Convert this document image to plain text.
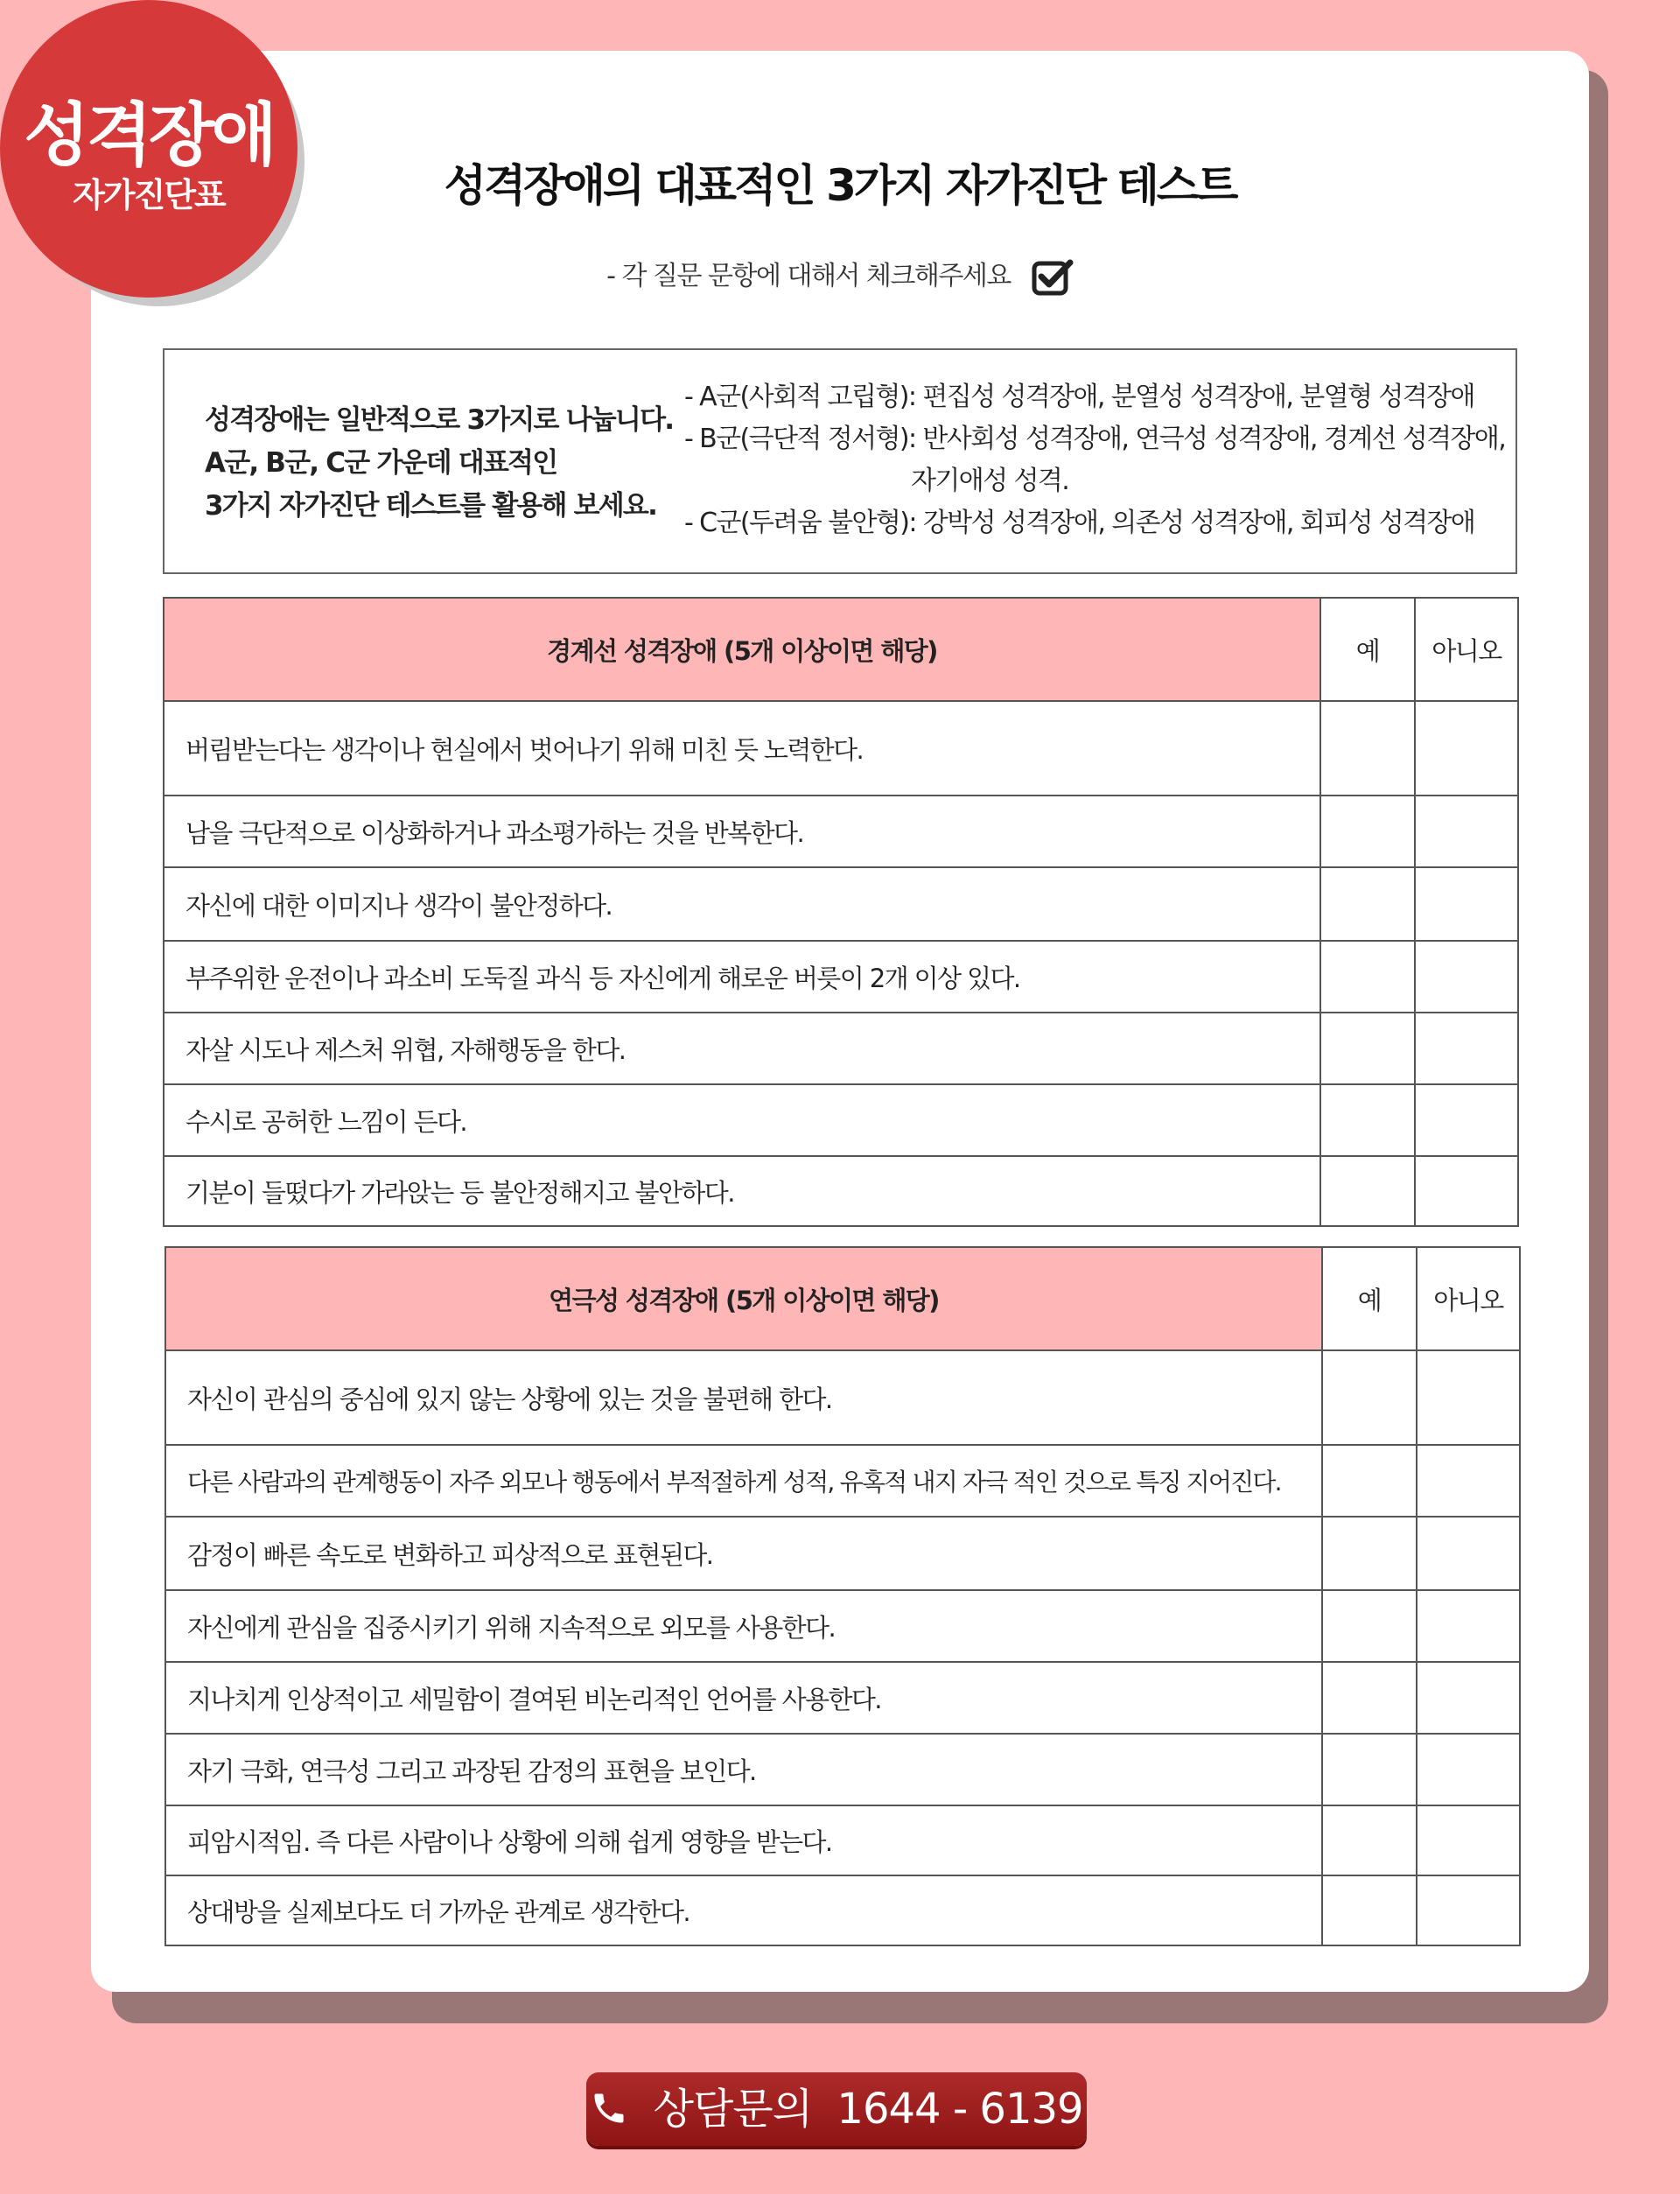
성격장애
자가진단표	성격장애의 대표적인 3가지 자가진단 테스트
- 각 질문 문항에 대해서 체크해주세요
성격장애는 일반적으로 3가지로 나눕니다.
A군, B군, C군 가운데 대표적인
3가지 자가진단 테스트를 활용해 보세요.
- A군(사회적 고립형): 편집성 성격장애, 분열성 성격장애, 분열형 성격장애
- B군(극단적 정서형): 반사회성 성격장애, 연극성 성격장애, 경계선 성격장애,
자기애성 성격.
- C군(두려움 불안형): 강박성 성격장애, 의존성 성격장애, 회피성 성격장애
경계선 성격장애 (5개 이상이면 해당)	예	아니오
버림받는다는 생각이나 현실에서 벗어나기 위해 미친 듯 노력한다.		
남을 극단적으로 이상화하거나 과소평가하는 것을 반복한다.		
자신에 대한 이미지나 생각이 불안정하다.		
부주위한 운전이나 과소비 도둑질 과식 등 자신에게 해로운 버릇이 2개 이상 있다.		
자살 시도나 제스처 위협, 자해행동을 한다.		
수시로 공허한 느낌이 든다.		
기분이 들떴다가 가라앉는 등 불안정해지고 불안하다.		
연극성 성격장애 (5개 이상이면 해당)	예	아니오
자신이 관심의 중심에 있지 않는 상황에 있는 것을 불편해 한다.		
다른 사람과의 관계행동이 자주 외모나 행동에서 부적절하게 성적, 유혹적 내지 자극 적인 것으로 특징 지어진다.		
감정이 빠른 속도로 변화하고 피상적으로 표현된다.		
자신에게 관심을 집중시키기 위해 지속적으로 외모를 사용한다.		
지나치게 인상적이고 세밀함이 결여된 비논리적인 언어를 사용한다.		
자기 극화, 연극성 그리고 과장된 감정의 표현을 보인다.		
피암시적임. 즉 다른 사람이나 상황에 의해 쉽게 영향을 받는다.		
상대방을 실제보다도 더 가까운 관계로 생각한다.		
상담문의 1644 - 6139
